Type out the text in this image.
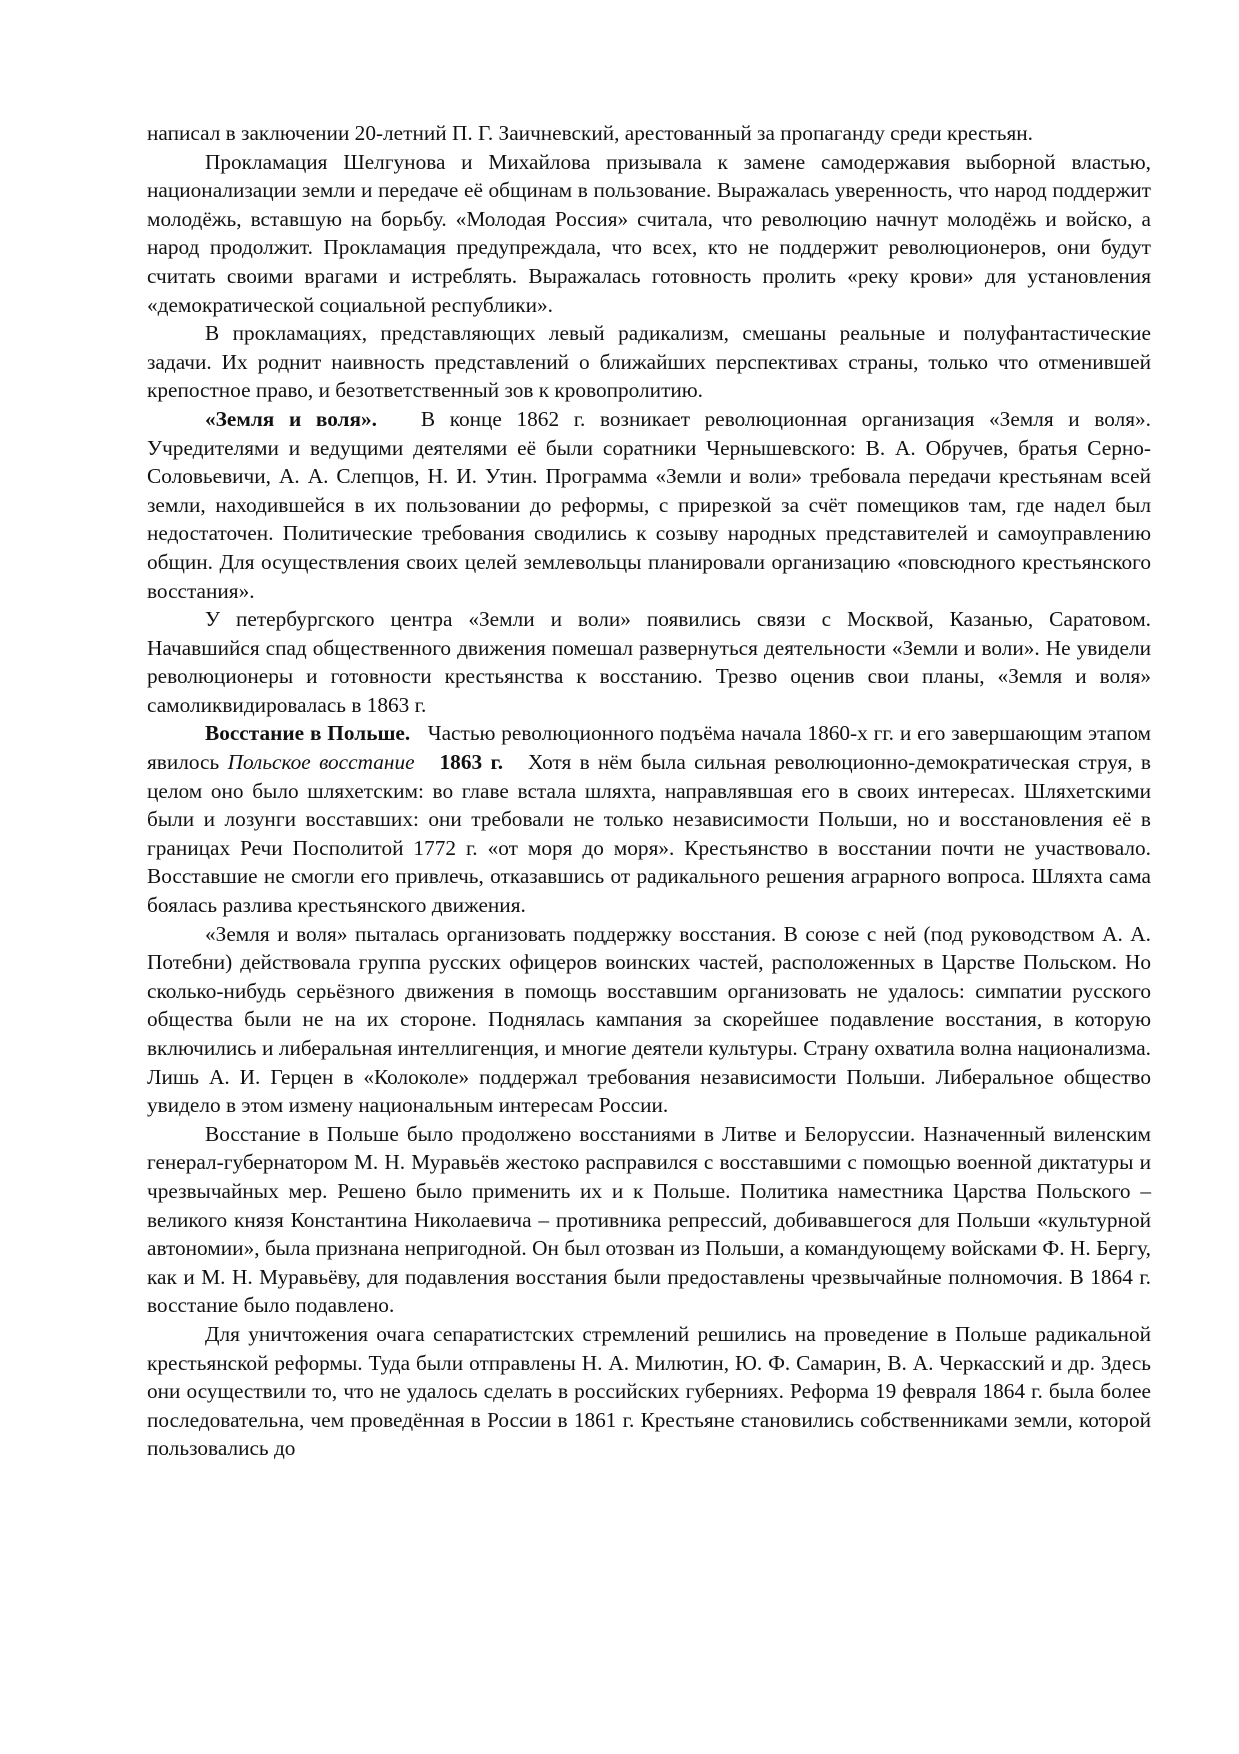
написал в заключении 20-летний П. Г. Заичневский, арестованный за пропаганду среди крестьян.

Прокламация Шелгунова и Михайлова призывала к замене самодержавия выборной властью, национализации земли и передаче её общинам в пользование. Выражалась уверенность, что народ поддержит молодёжь, вставшую на борьбу. «Молодая Россия» считала, что революцию начнут молодёжь и войско, а народ продолжит. Прокламация предупреждала, что всех, кто не поддержит революционеров, они будут считать своими врагами и истреблять. Выражалась готовность пролить «реку крови» для установления «демократической социальной республики».

В прокламациях, представляющих левый радикализм, смешаны реальные и полуфантастические задачи. Их роднит наивность представлений о ближайших перспективах страны, только что отменившей крепостное право, и безответственный зов к кровопролитию.

«Земля и воля». В конце 1862 г. возникает революционная организация «Земля и воля». Учредителями и ведущими деятелями её были соратники Чернышевского: В. А. Обручев, братья Серно-Соловьевичи, А. А. Слепцов, Н. И. Утин. Программа «Земли и воли» требовала передачи крестьянам всей земли, находившейся в их пользовании до реформы, с прирезкой за счёт помещиков там, где надел был недостаточен. Политические требования сводились к созыву народных представителей и самоуправлению общин. Для осуществления своих целей землевольцы планировали организацию «повсюдного крестьянского восстания».

У петербургского центра «Земли и воли» появились связи с Москвой, Казанью, Саратовом. Начавшийся спад общественного движения помешал развернуться деятельности «Земли и воли». Не увидели революционеры и готовности крестьянства к восстанию. Трезво оценив свои планы, «Земля и воля» самоликвидировалась в 1863 г.

Восстание в Польше. Частью революционного подъёма начала 1860-х гг. и его завершающим этапом явилось Польское восстание 1863 г. Хотя в нём была сильная революционно-демократическая струя, в целом оно было шляхетским: во главе встала шляхта, направлявшая его в своих интересах. Шляхетскими были и лозунги восставших: они требовали не только независимости Польши, но и восстановления её в границах Речи Посполитой 1772 г. «от моря до моря». Крестьянство в восстании почти не участвовало. Восставшие не смогли его привлечь, отказавшись от радикального решения аграрного вопроса. Шляхта сама боялась разлива крестьянского движения.

«Земля и воля» пыталась организовать поддержку восстания. В союзе с ней (под руководством А. А. Потебни) действовала группа русских офицеров воинских частей, расположенных в Царстве Польском. Но сколько-нибудь серьёзного движения в помощь восставшим организовать не удалось: симпатии русского общества были не на их стороне. Поднялась кампания за скорейшее подавление восстания, в которую включились и либеральная интеллигенция, и многие деятели культуры. Страну охватила волна национализма. Лишь А. И. Герцен в «Колоколе» поддержал требования независимости Польши. Либеральное общество увидело в этом измену национальным интересам России.

Восстание в Польше было продолжено восстаниями в Литве и Белоруссии. Назначенный виленским генерал-губернатором М. Н. Муравьёв жестоко расправился с восставшими с помощью военной диктатуры и чрезвычайных мер. Решено было применить их и к Польше. Политика наместника Царства Польского – великого князя Константина Николаевича – противника репрессий, добивавшегося для Польши «культурной автономии», была признана непригодной. Он был отозван из Польши, а командующему войсками Ф. Н. Бергу, как и М. Н. Муравьёву, для подавления восстания были предоставлены чрезвычайные полномочия. В 1864 г. восстание было подавлено.

Для уничтожения очага сепаратистских стремлений решились на проведение в Польше радикальной крестьянской реформы. Туда были отправлены Н. А. Милютин, Ю. Ф. Самарин, В. А. Черкасский и др. Здесь они осуществили то, что не удалось сделать в российских губерниях. Реформа 19 февраля 1864 г. была более последовательна, чем проведённая в России в 1861 г. Крестьяне становились собственниками земли, которой пользовались до
